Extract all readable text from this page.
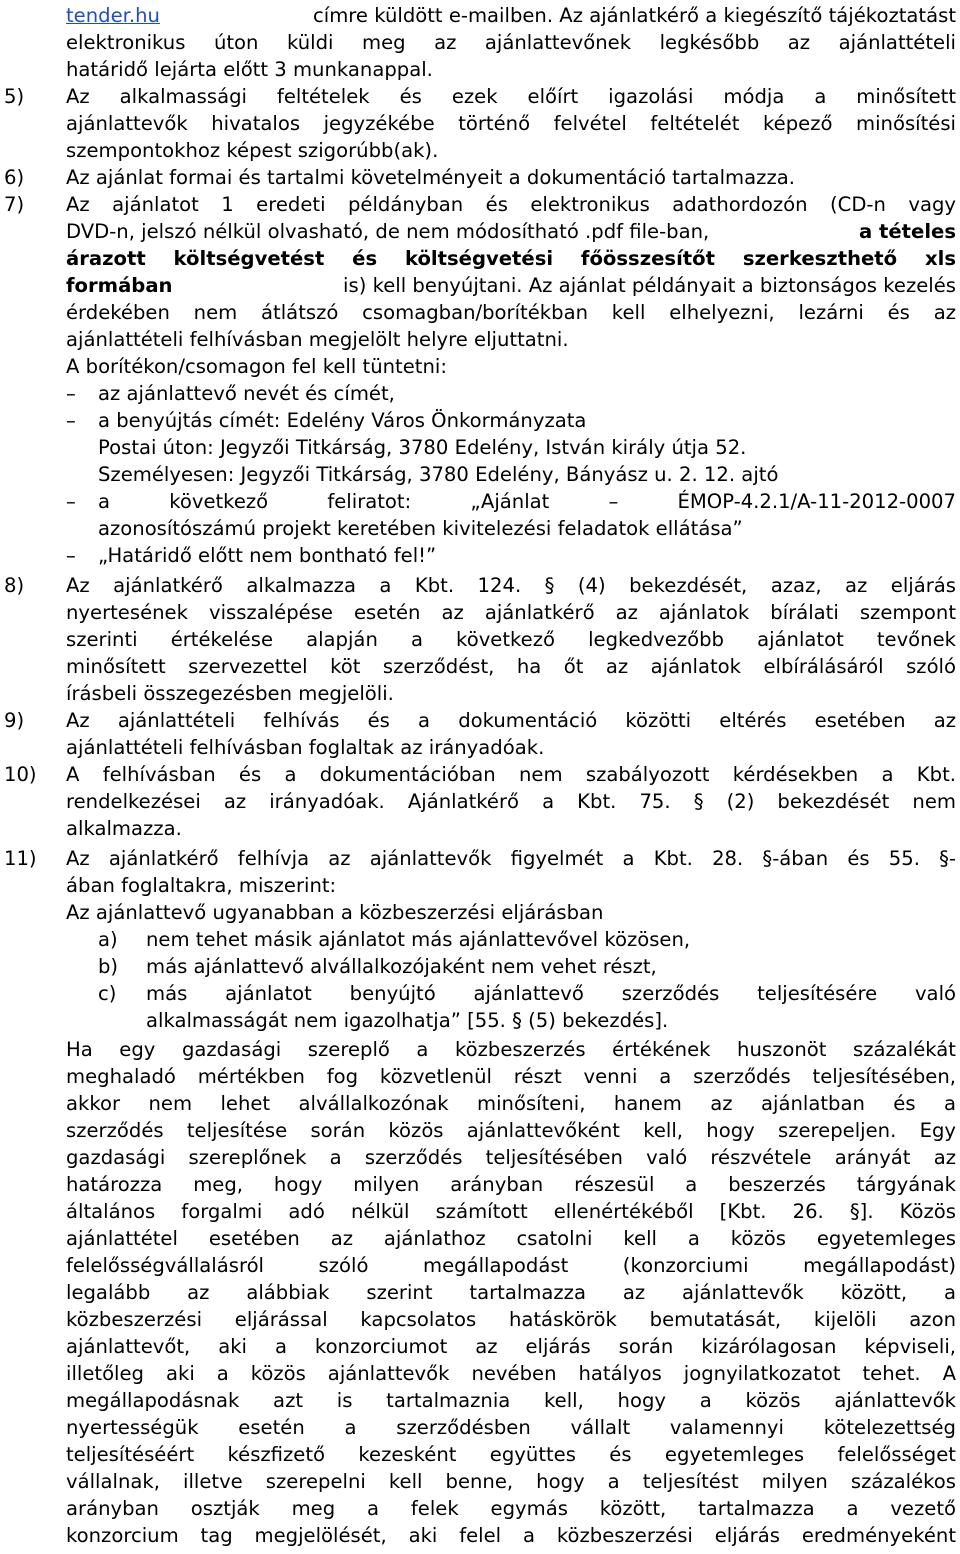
tender.hu	címre küldött e-mailben. Az ajánlatkérő a kiegészítő tájékoztatást

elektronikus úton küldi meg az ajánlattevőnek legkésőbb az ajánlattételi

határidő lejárta előtt 3 munkanappal.

5)

Az alkalmassági feltételek és ezek előírt igazolási módja a minősített

ajánlattevők hivatalos jegyzékébe történő felvétel feltételét képező minősítési

szempontokhoz képest szigorúbb(ak).

6)

Az ajánlat formai és tartalmi követelményeit a dokumentáció tartalmazza.

7)

Az ajánlatot 1 eredeti példányban és elektronikus adathordozón (CD-n vagy

DVD-n, jelszó nélkül olvasható, de nem módosítható .pdf file-ban,	a tételes

árazott költségvetést és költségvetési főösszesítőt szerkeszthető xls

formában	is) kell benyújtani. Az ajánlat példányait a biztonságos kezelés

érdekében nem átlátszó csomagban/borítékban kell elhelyezni, lezárni és az

ajánlattételi felhívásban megjelölt helyre eljuttatni.

A borítékon/csomagon fel kell tüntetni:

–

az ajánlattevő nevét és címét,

–

a benyújtás címét: Edelény Város Önkormányzata

Postai úton: Jegyzői Titkárság, 3780 Edelény, István király útja 52.

Személyesen: Jegyzői Titkárság, 3780 Edelény, Bányász u. 2. 12. ajtó

–

a következő feliratot: „Ajánlat – ÉMOP-4.2.1/A-11-2012-0007

azonosítószámú projekt keretében kivitelezési feladatok ellátása”

–

„Határidő előtt nem bontható fel!”

8)

Az ajánlatkérő alkalmazza a Kbt. 124. § (4) bekezdését, azaz, az eljárás

nyertesének visszalépése esetén az ajánlatkérő az ajánlatok bírálati szempont

szerinti értékelése alapján a következő legkedvezőbb ajánlatot tevőnek

minősített szervezettel köt szerződést, ha őt az ajánlatok elbírálásáról szóló

írásbeli összegezésben megjelöli.

9)

Az ajánlattételi felhívás és a dokumentáció közötti eltérés esetében az

ajánlattételi felhívásban foglaltak az irányadóak.

10)

A felhívásban és a dokumentációban nem szabályozott kérdésekben a Kbt.

rendelkezései az irányadóak. Ajánlatkérő a Kbt. 75. § (2) bekezdését nem

alkalmazza.

11)

Az ajánlatkérő felhívja az ajánlattevők figyelmét a Kbt. 28. §-ában és 55. §-

ában foglaltakra, miszerint:

Az ajánlattevő ugyanabban a közbeszerzési eljárásban

a)

nem tehet másik ajánlatot más ajánlattevővel közösen,

b)

más ajánlattevő alvállalkozójaként nem vehet részt,

c)

más ajánlatot benyújtó ajánlattevő szerződés teljesítésére való

alkalmasságát nem igazolhatja” [55. § (5) bekezdés].

Ha egy gazdasági szereplő a közbeszerzés értékének huszonöt százalékát
meghaladó mértékben fog közvetlenül részt venni a szerződés teljesítésében,
akkor nem lehet alvállalkozónak minősíteni, hanem az ajánlatban és a
szerződés teljesítése során közös ajánlattevőként kell, hogy szerepeljen. Egy
gazdasági szereplőnek a szerződés teljesítésében való részvétele arányát az
határozza meg, hogy milyen arányban részesül a beszerzés tárgyának
általános forgalmi adó nélkül számított ellenértékéből [Kbt. 26. §]. Közös
ajánlattétel esetében az ajánlathoz csatolni kell a közös egyetemleges
felelősségvállalásról szóló megállapodást (konzorciumi megállapodást)
legalább az alábbiak szerint tartalmazza az ajánlattevők között, a
közbeszerzési eljárással kapcsolatos hatáskörök bemutatását, kijelöli azon
ajánlattevőt, aki a konzorciumot az eljárás során kizárólagosan képviseli,
illetőleg aki a közös ajánlattevők nevében hatályos jognyilatkozatot tehet. A
megállapodásnak azt is tartalmaznia kell, hogy a közös ajánlattevők
nyertességük esetén a szerződésben vállalt valamennyi kötelezettség
teljesítéséért készfizető kezesként együttes és egyetemleges felelősséget
vállalnak, illetve szerepelni kell benne, hogy a teljesítést milyen százalékos
arányban osztják meg a felek egymás között, tartalmazza a vezető
konzorcium tag megjelölését, aki felel a közbeszerzési eljárás eredményeként
